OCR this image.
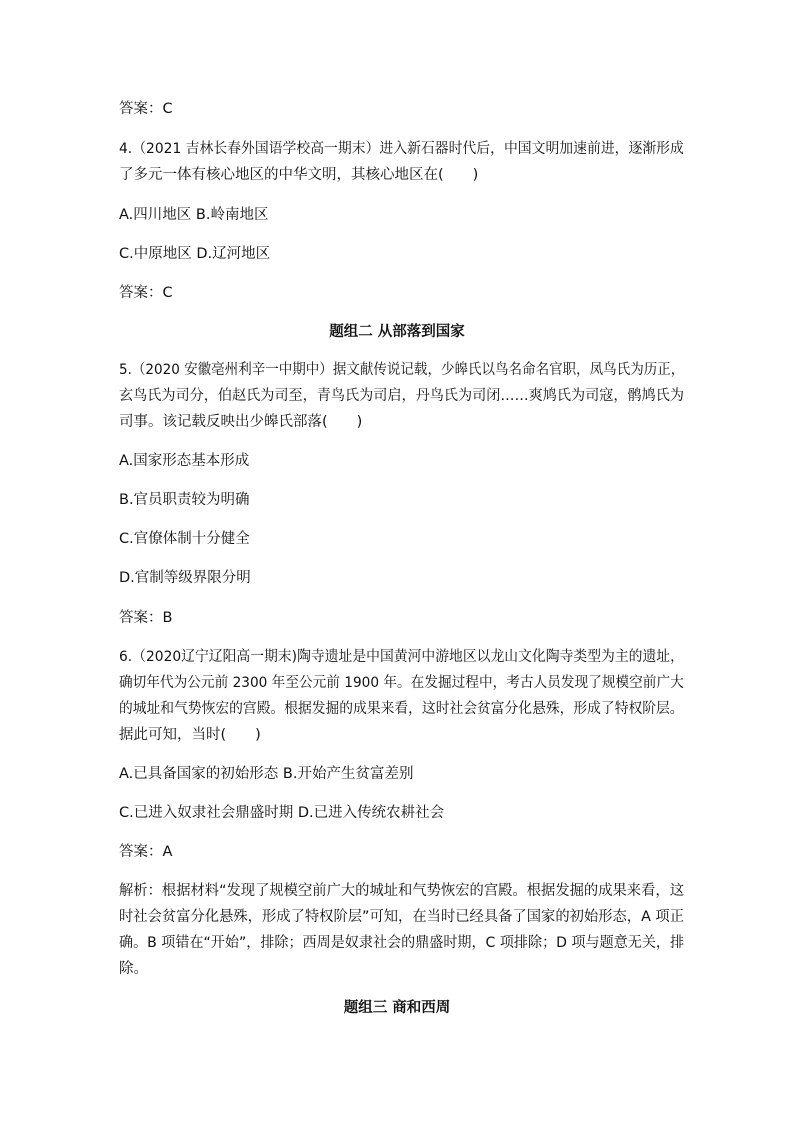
答案：C

4.（2021 吉林长春外国语学校高一期末）进入新石器时代后，中国文明加速前进，逐渐形成

了多元一体有核心地区的中华文明，其核心地区在(　　)

A.四川地区 B.岭南地区

C.中原地区 D.辽河地区

答案：C

题组二 从部落到国家

5.（2020 安徽亳州利辛一中期中）据文献传说记载，少皞氏以鸟名命名官职，凤鸟氏为历正，

玄鸟氏为司分，伯赵氏为司至，青鸟氏为司启，丹鸟氏为司闭……爽鸠氏为司寇，鹘鸠氏为

司事。该记载反映出少皞氏部落(　　)

A.国家形态基本形成

B.官员职责较为明确

C.官僚体制十分健全

D.官制等级界限分明

答案：B

6.（2020辽宁辽阳高一期末)陶寺遗址是中国黄河中游地区以龙山文化陶寺类型为主的遗址，

确切年代为公元前 2300 年至公元前 1900 年。在发掘过程中，考古人员发现了规模空前广大

的城址和气势恢宏的宫殿。根据发掘的成果来看，这时社会贫富分化悬殊，形成了特权阶层。

据此可知，当时(　　)

A.已具备国家的初始形态 B.开始产生贫富差别

C.已进入奴隶社会鼎盛时期 D.已进入传统农耕社会

答案：A

解析：根据材料“发现了规模空前广大的城址和气势恢宏的宫殿。根据发掘的成果来看，这

时社会贫富分化悬殊，形成了特权阶层”可知，在当时已经具备了国家的初始形态，A 项正

确。B 项错在“开始”，排除；西周是奴隶社会的鼎盛时期，C 项排除；D 项与题意无关，排

除。

题组三 商和西周
